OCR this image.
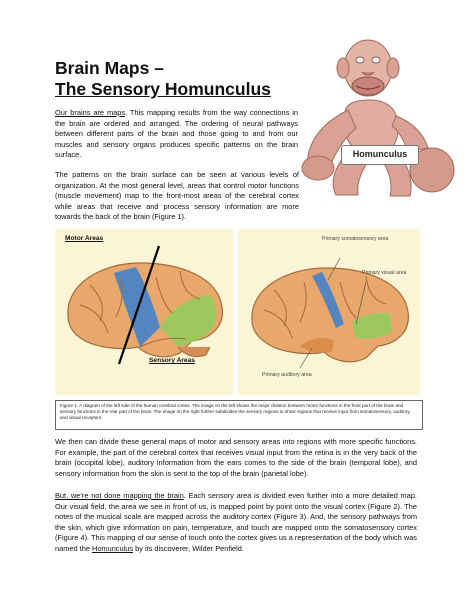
Brain Maps –
The Sensory Homunculus
Our brains are maps. This mapping results from the way connections in the brain are ordered and arranged. The ordering of neural pathways between different parts of the brain and those going to and from our muscles and sensory organs produces specific patterns on the brain surface.
The patterns on the brain surface can be seen at various levels of organization. At the most general level, areas that control motor functions (muscle movement) map to the front-most areas of the cerebral cortex while areas that receive and process sensory information are more towards the back of the brain (Figure 1).
Homunculus
Motor Areas
Sensory Areas
Primary somatosensory area
Primary visual area
Primary auditory area
Figure 1. A diagram of the left side of the human cerebral cortex. The image on the left shows the major division between motor functions in the front part of the brain and sensory functions in the rear part of the brain. The image on the right further subdivides the sensory regions to show regions that receive input from somatosensory, auditory, and visual receptors.
We then can divide these general maps of motor and sensory areas into regions with more specific functions. For example, the part of the cerebral cortex that receives visual input from the retina is in the very back of the brain (occipital lobe), auditory information from the ears comes to the side of the brain (temporal lobe), and sensory information from the skin is sent to the top of the brain (parietal lobe).
But, we’re not done mapping the brain. Each sensory area is divided even further into a more detailed map. Our visual field, the area we see in front of us, is mapped point by point onto the visual cortex (Figure 2). The notes of the musical scale are mapped across the auditory cortex (Figure 3). And, the sensory pathways from the skin, which give information on pain, temperature, and touch are mapped onto the somatosensory cortex (Figure 4). This mapping of our sense of touch onto the cortex gives us a representation of the body which was named the Homunculus by its discoverer, Wilder Penfield.
